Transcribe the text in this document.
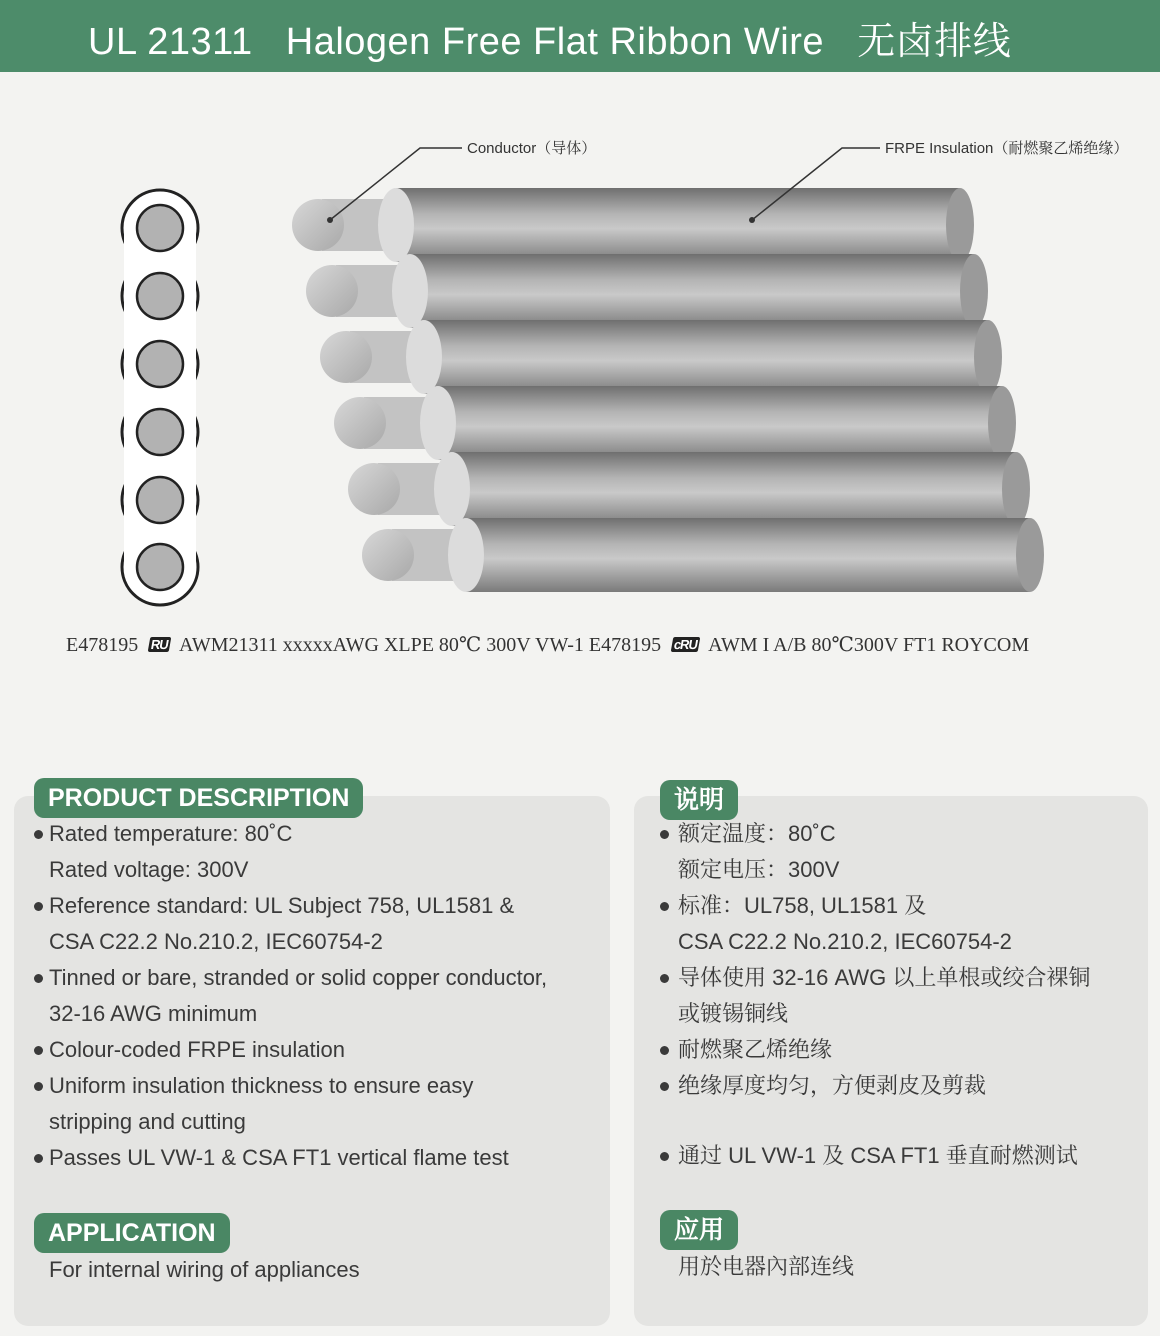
UL 21311   Halogen Free Flat Ribbon Wire   无卤排线
Conductor（导体）	FRPE Insulation（耐燃聚乙烯绝缘）

E478195 RU AWM21311 xxxxxAWG XLPE 80℃ 300V VW-1 E478195 cRU AWM I A/B 80℃300V FT1 ROYCOM

PRODUCT DESCRIPTION
Rated temperature: 80˚C
Rated voltage: 300V
Reference standard: UL Subject 758, UL1581 &
CSA C22.2 No.210.2, IEC60754-2
Tinned or bare, stranded or solid copper conductor,
32-16 AWG minimum
Colour-coded FRPE insulation
Uniform insulation thickness to ensure easy
stripping and cutting
Passes UL VW-1 & CSA FT1 vertical flame test
APPLICATION

For internal wiring of appliances

说明
额定温度：80˚C
额定电压：300V
标准：UL758, UL1581 及
CSA C22.2 No.210.2, IEC60754-2
导体使用 32-16 AWG 以上单根或绞合裸铜
或镀锡铜线
耐燃聚乙烯绝缘
绝缘厚度均匀，方便剥皮及剪裁
通过 UL VW-1 及 CSA FT1 垂直耐燃测试
应用

用於电器內部连线
